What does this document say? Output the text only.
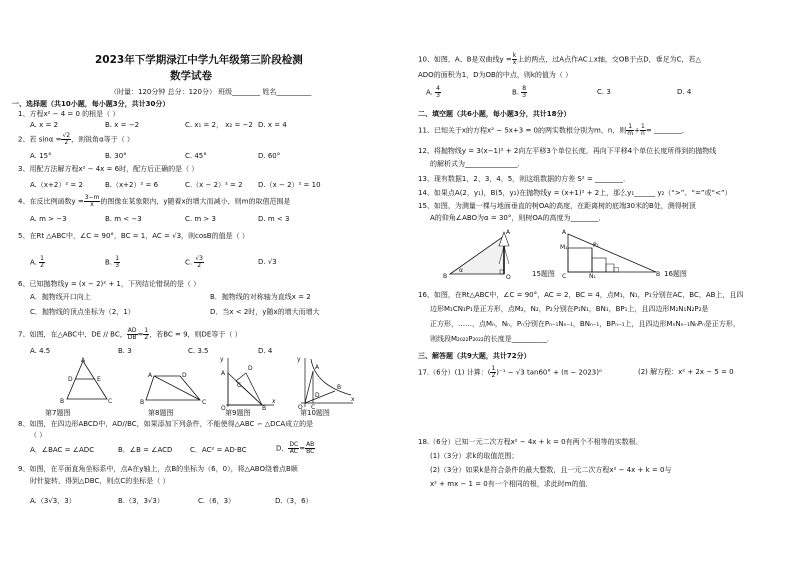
2023年下学期渌江中学九年级第三阶段检测
数学试卷
（时量：120分钟 总分：120分） 班级________ 姓名__________
一、选择题（共10小题，每小题3分，共计30分）
1、方程x² − 4 = 0 的根是（ ）
A. x = 2	B. x = −2	C. x₁ = 2， x₂ = −2 D. x = 4
2、若 $\sin\alpha = \frac{√2}{2}$ ，则锐角α等于（ ）
A. 15°	B. 30°	C. 45°	D. 60°
3、用配方法解方程x² − 4x = 6时，配方后正确的是（ ）
A.（x+2）² = 2	B.（x+2）² = 6	C.（x − 2）² = 2 D.（x − 2）² = 10
4、在反比例函数$y = \frac{3-m}{x}$ 的图像在某象限内，y随着x的增大而减小，则m的取值范围是
A. m > −3	B. m < −3	C. m > 3	D. m < 3
5、在Rt △ABC中，∠C = 90°，BC = 1，AC = √3，则cosB的值是（ ）
A. $\frac{1}{2}$	B. $\frac{1}{3}$	C. $\frac{√3}{2}$	D. √3
6、已知抛物线y = (x − 2)² + 1，下列结论错误的是（ ）
A．抛物线开口向上	B．抛物线的对称轴为直线x = 2
C．抛物线的顶点坐标为（2，1）	D．当x < 2时，y随x的增大而增大
7、如图，在△ABC中，DE // BC， $\frac{AD}{DB} = \frac{1}{2}$ ，若BC = 9，则DE等于（ ）
A. 4.5	B. 3	C. 3.5	D. 4
A
D	E
B	C
A	D
B	C
y
D
A
C
O	B
x
y
A
B
D
O C
x
第7题图	第8题图	第9题图	第10题图
8、如图，在四边形ABCD中，AD//BC，如果添加下列条件，不能使得△ABC ∽ △DCA成立的是
（ ）
A．∠BAC = ∠ADC	B．∠B = ∠ACD	C．AC² = AD·BC	D． $\frac{DC}{AC} = \frac{AB}{BC}$
9、如图，在平面直角坐标系中，点A在y轴上，点B的坐标为（6，0），将△ABO绕着点B顺
时针旋转，得到△DBC，则点C的坐标是（ ）
A.（3√3，3）	B.（3，3√3）	C.（6，3）	D.（3，6）
10、如图，A、B是双曲线$y = \frac{k}{x}$ 上的两点，过A点作AC⊥x轴，交OB于点D，垂足为C，若△
ADO的面积为1，D为OB的中点，则k的值为（ ）
A. $\frac{4}{3}$	B. $\frac{8}{3}$	C. 3	D. 4
二、填空题（共6小题，每小题3分，共计18分）
11、已知关于x的方程x² − 5x+3 = 0的两实数根分别为m，n，则 $\frac{1}{m} + \frac{1}{n}$ = ________．
12、将抛物线y = 3(x−1)² + 2向左平移3个单位长度，再向下平移4个单位长度所得到的抛物线
的解析式为_______________．
13、现有数据1，2，3，4，5，则这组数据的方差 S² = ________．
14、如果点A(2，y₁)，B(5，y₂)在抛物线y = (x+1)² + 2上，那么y₁______ y₂（“>”、“=”或“<”）
15、如图，为测量一棵与地面垂直的树OA的高度，在距离树的底端30米的B处，测得树顶
A的仰角∠ABO为α = 30°，则树OA的高度为________．
A
B	O
α	15题图
A
M₁	P₁
C	N₁	B 16题图
16、如图，在Rt△ABC中，∠C = 90°，AC = 2，BC = 4，点M₁，N₁，P₁分别在AC，BC，AB上，且四
边形M₁CN₁P₁是正方形，点M₂，N₂，P₂分别在P₁N₁，BN₁，BP₁上，且四边形M₂N₁N₂P₂是
正方形，……，点Mₙ，Nₙ，Pₙ分别在Pₙ₋₁Nₙ₋₁，BNₙ₋₁，BPₙ₋₁上，且四边形MₙNₙ₋₁NₙPₙ是正方形，
则线段M₂₀₂₂P₂₀₂₂的长度是__________．
三、解答题（共9大题，共计72分）
17.（6分）(1) 计算：( $\frac{1}{2} )^{-1} - √3$ tan60° + (π − 2023)⁰	(2) 解方程：x² + 2x − 5 = 0
18.（6分）已知一元二次方程x² − 4x + k = 0有两个不相等的实数根．
(1)（3分）求k的取值范围；
(2)（3分）如果k是符合条件的最大整数，且一元二次方程x² − 4x + k = 0与
x² + mx − 1 = 0有一个相同的根，求此时m的值．
